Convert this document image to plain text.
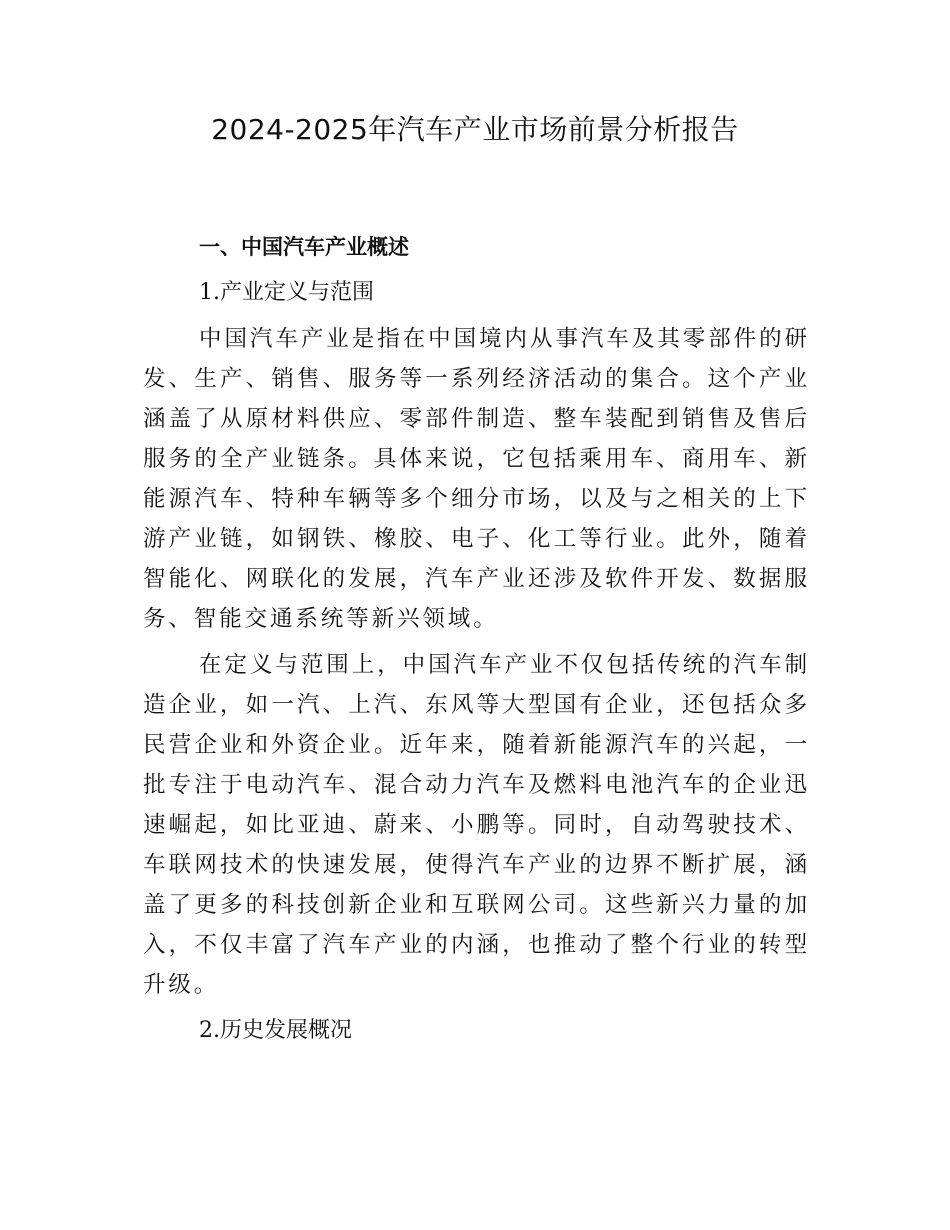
2024-2025年汽车产业市场前景分析报告
一、中国汽车产业概述
1.产业定义与范围

中国汽车产业是指在中国境内从事汽车及其零部件的研发、生产、销售、服务等一系列经济活动的集合。这个产业涵盖了从原材料供应、零部件制造、整车装配到销售及售后服务的全产业链条。具体来说，它包括乘用车、商用车、新能源汽车、特种车辆等多个细分市场，以及与之相关的上下游产业链，如钢铁、橡胶、电子、化工等行业。此外，随着智能化、网联化的发展，汽车产业还涉及软件开发、数据服务、智能交通系统等新兴领域。

在定义与范围上，中国汽车产业不仅包括传统的汽车制造企业，如一汽、上汽、东风等大型国有企业，还包括众多民营企业和外资企业。近年来，随着新能源汽车的兴起，一批专注于电动汽车、混合动力汽车及燃料电池汽车的企业迅速崛起，如比亚迪、蔚来、小鹏等。同时，自动驾驶技术、车联网技术的快速发展，使得汽车产业的边界不断扩展，涵盖了更多的科技创新企业和互联网公司。这些新兴力量的加入，不仅丰富了汽车产业的内涵，也推动了整个行业的转型升级。

2.历史发展概况
